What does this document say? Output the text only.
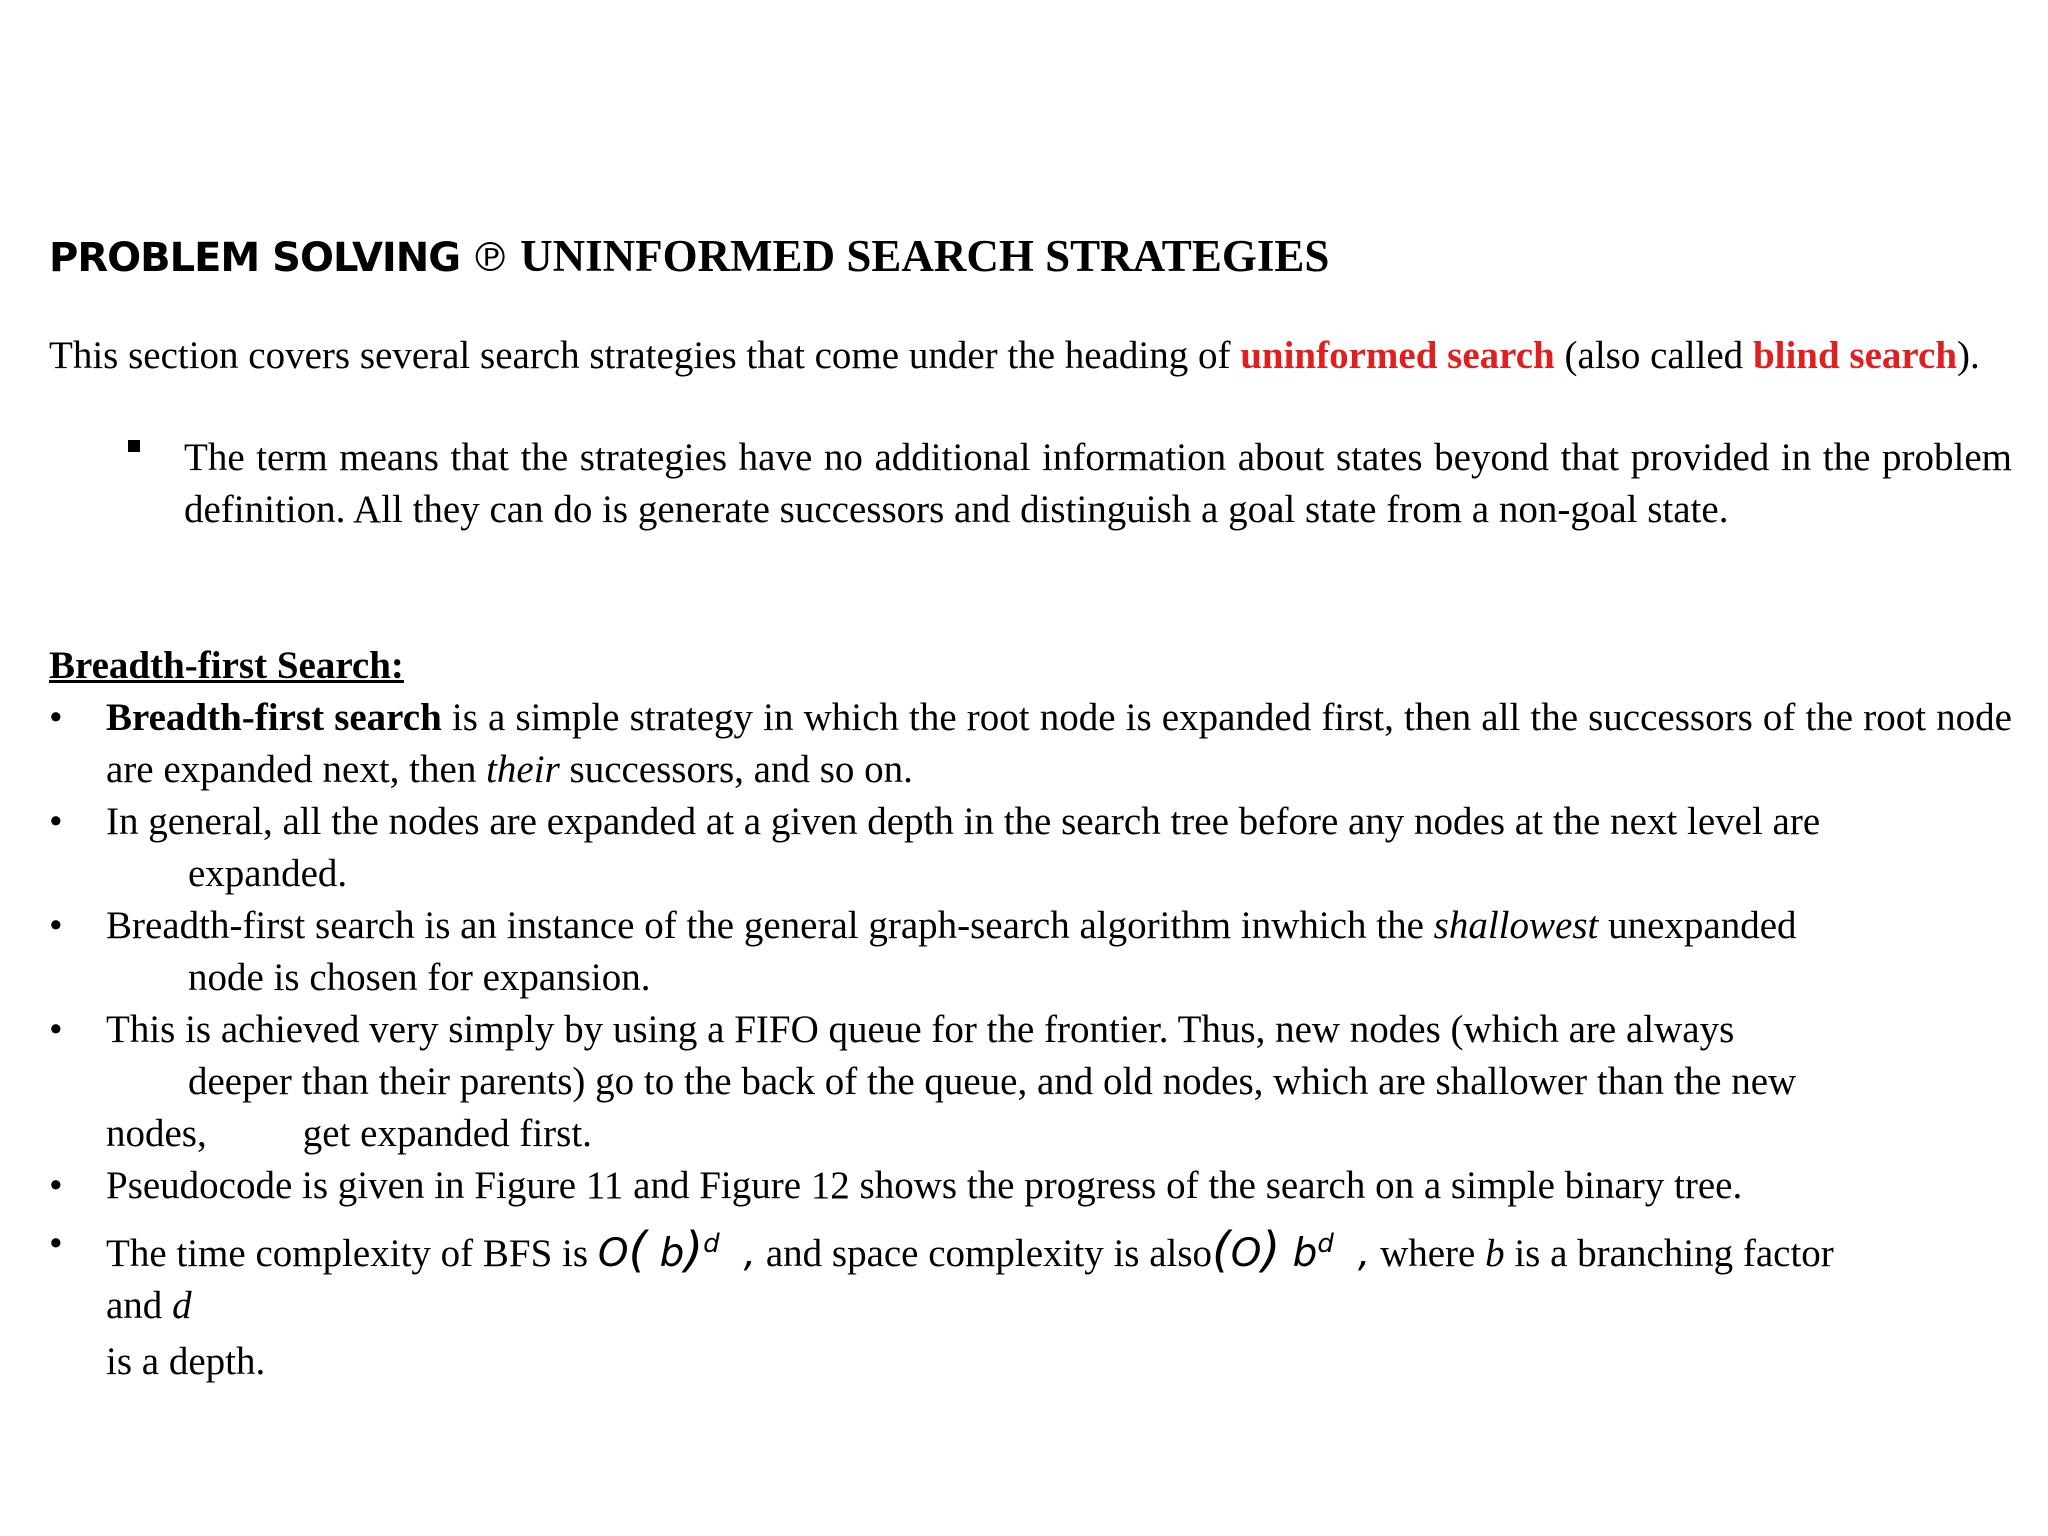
PROBLEM SOLVING ℗ UNINFORMED SEARCH STRATEGIES
This section covers several search strategies that come under the heading of uninformed search (also called blind search).
The term means that the strategies have no additional information about states beyond that provided in the problem definition. All they can do is generate successors and distinguish a goal state from a non-goal state.
Breadth-first Search:
• Breadth-first search is a simple strategy in which the root node is expanded first, then all the successors of the root node are expanded next, then their successors, and so on.
• In general, all the nodes are expanded at a given depth in the search tree before any nodes at the next level are
expanded.
• Breadth-first search is an instance of the general graph-search algorithm inwhich the shallowest unexpanded
node is chosen for expansion.
• This is achieved very simply by using a FIFO queue for the frontier. Thus, new nodes (which are always
deeper than their parents) go to the back of the queue, and old nodes, which are shallower than the new
nodes, get expanded first.
• Pseudocode is given in Figure 11 and Figure 12 shows the progress of the search on a simple binary tree.
• The time complexity of BFS is O( b)$^d$ , and space complexity is also(O) $b^d$ , where b is a branching factor
and d
is a depth.
